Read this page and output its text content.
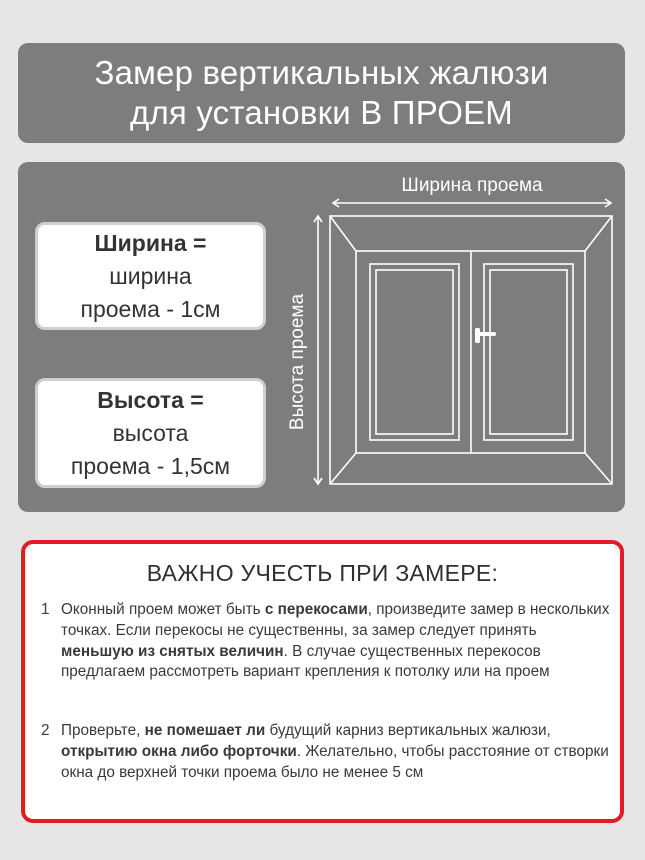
Замер вертикальных жалюзи
для установки В ПРОЕМ
Ширина =
ширина
проема - 1см
Высота =
высота
проема - 1,5см
Ширина проема
Высота проема
ВАЖНО УЧЕСТЬ ПРИ ЗАМЕРЕ:
1 Оконный проем может быть с перекосами, произведите замер в нескольких точках. Если перекосы не существенны, за замер следует принять меньшую из снятых величин. В случае существенных перекосов предлагаем рассмотреть вариант крепления к потолку или на проем
2 Проверьте, не помешает ли будущий карниз вертикальных жалюзи, открытию окна либо форточки. Желательно, чтобы расстояние от створки окна до верхней точки проема было не менее 5 см
